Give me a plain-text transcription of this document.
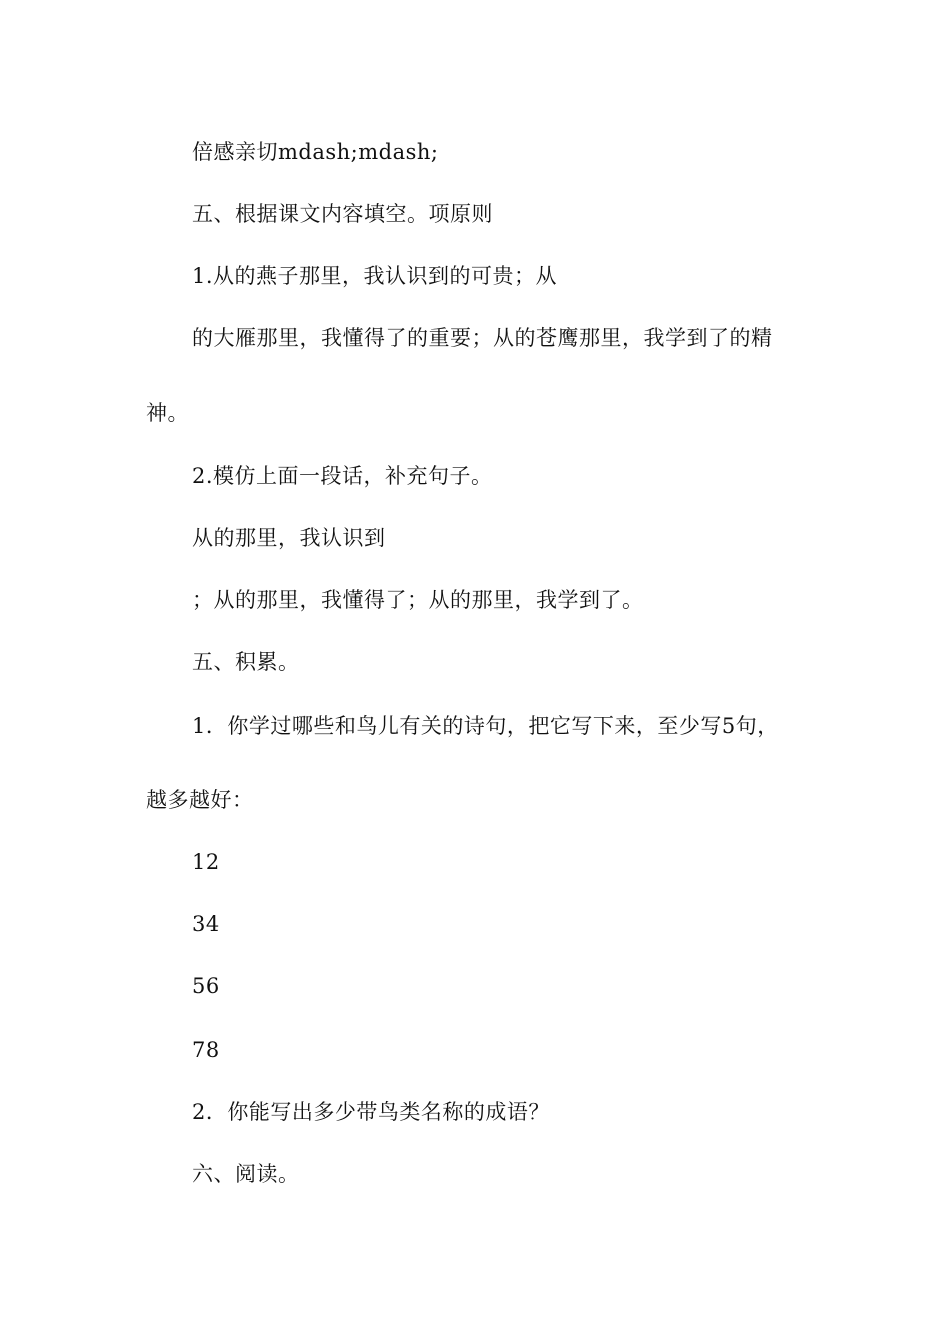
倍感亲切mdash;mdash;
五、根据课文内容填空。项原则
1.从的燕子那里，我认识到的可贵；从
的大雁那里，我懂得了的重要；从的苍鹰那里，我学到了的精
神。
2.模仿上面一段话，补充句子。
从的那里，我认识到
；从的那里，我懂得了；从的那里，我学到了。
五、积累。
1．你学过哪些和鸟儿有关的诗句，把它写下来，至少写5句，
越多越好：
12
34
56
78
2．你能写出多少带鸟类名称的成语？
六、阅读。
